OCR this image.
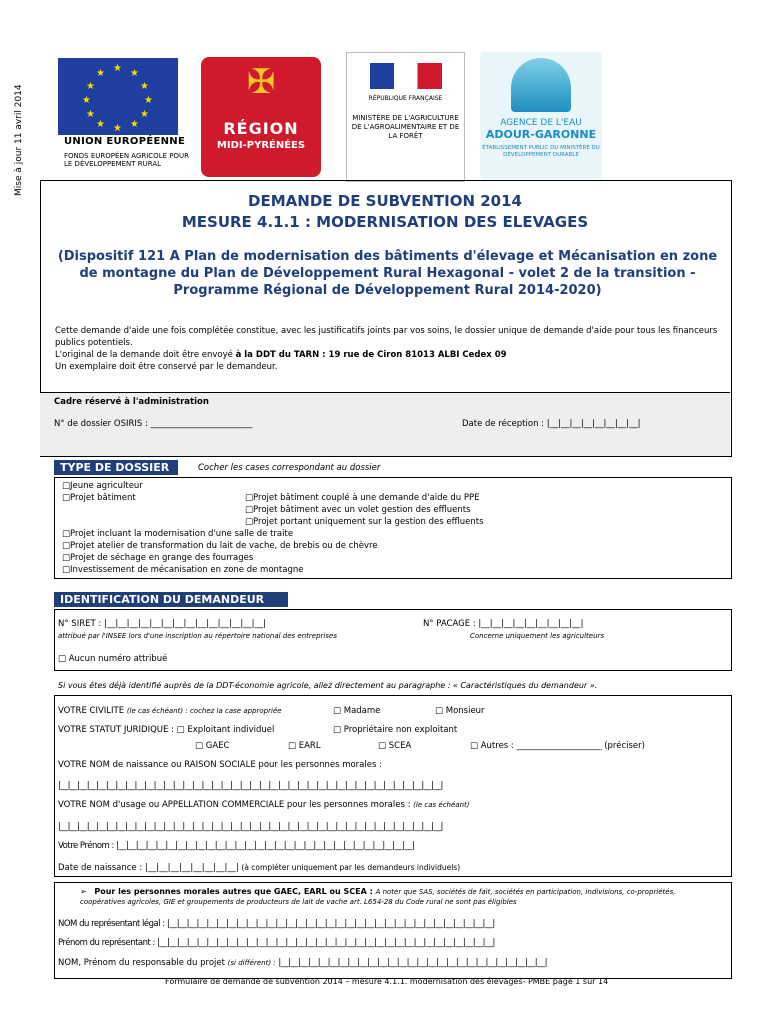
Mise à jour 11 avril 2014
★ ★
★
★
★
★
★
★
★
★
★
★
UNION EUROPÉENNE
FONDS EUROPÉEN AGRICOLE POUR LE DÉVELOPPEMENT RURAL
✠
RÉGION
MIDI-PYRÉNÉES
RÉPUBLIQUE FRANÇAISE
MINISTÈRE DE L'AGRICULTURE DE L'AGROALIMENTAIRE ET DE LA FORÊT
AGENCE DE L'EAU
ADOUR-GARONNE
ÉTABLISSEMENT PUBLIC DU MINISTÈRE DU DÉVELOPPEMENT DURABLE
DEMANDE DE SUBVENTION 2014
MESURE 4.1.1 : MODERNISATION DES ELEVAGES
(Dispositif 121 A Plan de modernisation des bâtiments d'élevage et Mécanisation en zone de montagne du Plan de Développement Rural Hexagonal - volet 2 de la transition - Programme Régional de Développement Rural 2014-2020)
Cette demande d'aide une fois complétée constitue, avec les justificatifs joints par vos soins, le dossier unique de demande d'aide pour tous les financeurs publics potentiels.
L'original de la demande doit être envoyé à la DDT du TARN : 19 rue de Ciron 81013 ALBI Cedex 09
Un exemplaire doit être conservé par le demandeur.
Cadre réservé à l'administration
N° de dossier OSIRIS : ________________________	Date de réception : |__|__|__|__|__|__|__|__|
TYPE DE DOSSIER	Cocher les cases correspondant au dossier
□Jeune agriculteur
□Projet bâtiment	□Projet bâtiment couplé à une demande d'aide du PPE
□Projet bâtiment avec un volet gestion des effluents
□Projet portant uniquement sur la gestion des effluents
□Projet incluant la modernisation d'une salle de traite
□Projet atelier de transformation du lait de vache, de brebis ou de chèvre
□Projet de séchage en grange des fourrages
□Investissement de mécanisation en zone de montagne
IDENTIFICATION DU DEMANDEUR
N° SIRET : |__|__|__|__|__|__|__|__|__|__|__|__|__|__|
attribué par l'INSEE lors d'une inscription au répertoire national des entreprises
N° PACAGE : |__|__|__|__|__|__|__|__|__|
Concerne uniquement les agriculteurs
□ Aucun numéro attribué
Si vous êtes déjà identifié auprès de la DDT-économie agricole, allez directement au paragraphe : « Caractéristiques du demandeur ».
VOTRE CIVILITE (le cas échéant) : cochez la case appropriée	□ Madame	□ Monsieur
VOTRE STATUT JURIDIQUE : □ Exploitant individuel	□ Propriétaire non exploitant
□ GAEC	□ EARL	□ SCEA	□ Autres : ____________________ (préciser)
VOTRE NOM de naissance ou RAISON SOCIALE pour les personnes morales :
|__|__|__|__|__|__|__|__|__|__|__|__|__|__|__|__|__|__|__|__|__|__|__|__|__|__|__|__|__|__|__|__|__|__|__|__|__|__|__|__|
VOTRE NOM d'usage ou APPELLATION COMMERCIALE pour les personnes morales : (le cas échéant)
|__|__|__|__|__|__|__|__|__|__|__|__|__|__|__|__|__|__|__|__|__|__|__|__|__|__|__|__|__|__|__|__|__|__|__|__|__|__|__|__|
Votre Prénom : |__|__|__|__|__|__|__|__|__|__|__|__|__|__|__|__|__|__|__|__|__|__|__|__|__|__|__|__|__|__|
Date de naissance : |__|__|__|__|__|__|__|__| (à compléter uniquement par les demandeurs individuels)
➢ Pour les personnes morales autres que GAEC, EARL ou SCEA : A noter que SAS, sociétés de fait, sociétés en participation, indivisions, co-propriétés, coopératives agricoles, GIE et groupements de producteurs de lait de vache art. L654-28 du Code rural ne sont pas éligibles
NOM du représentant légal : |__|__|__|__|__|__|__|__|__|__|__|__|__|__|__|__|__|__|__|__|__|__|__|__|__|__|__|__|__|__|__|__|__|
Prénom du représentant : |__|__|__|__|__|__|__|__|__|__|__|__|__|__|__|__|__|__|__|__|__|__|__|__|__|__|__|__|__|__|__|__|__|__|
NOM, Prénom du responsable du projet (si différent) : |__|__|__|__|__|__|__|__|__|__|__|__|__|__|__|__|__|__|__|__|__|__|__|__|__|__|__|
Formulaire de demande de subvention 2014 – mesure 4.1.1. modernisation des élevages- PMBE page 1 sur 14
